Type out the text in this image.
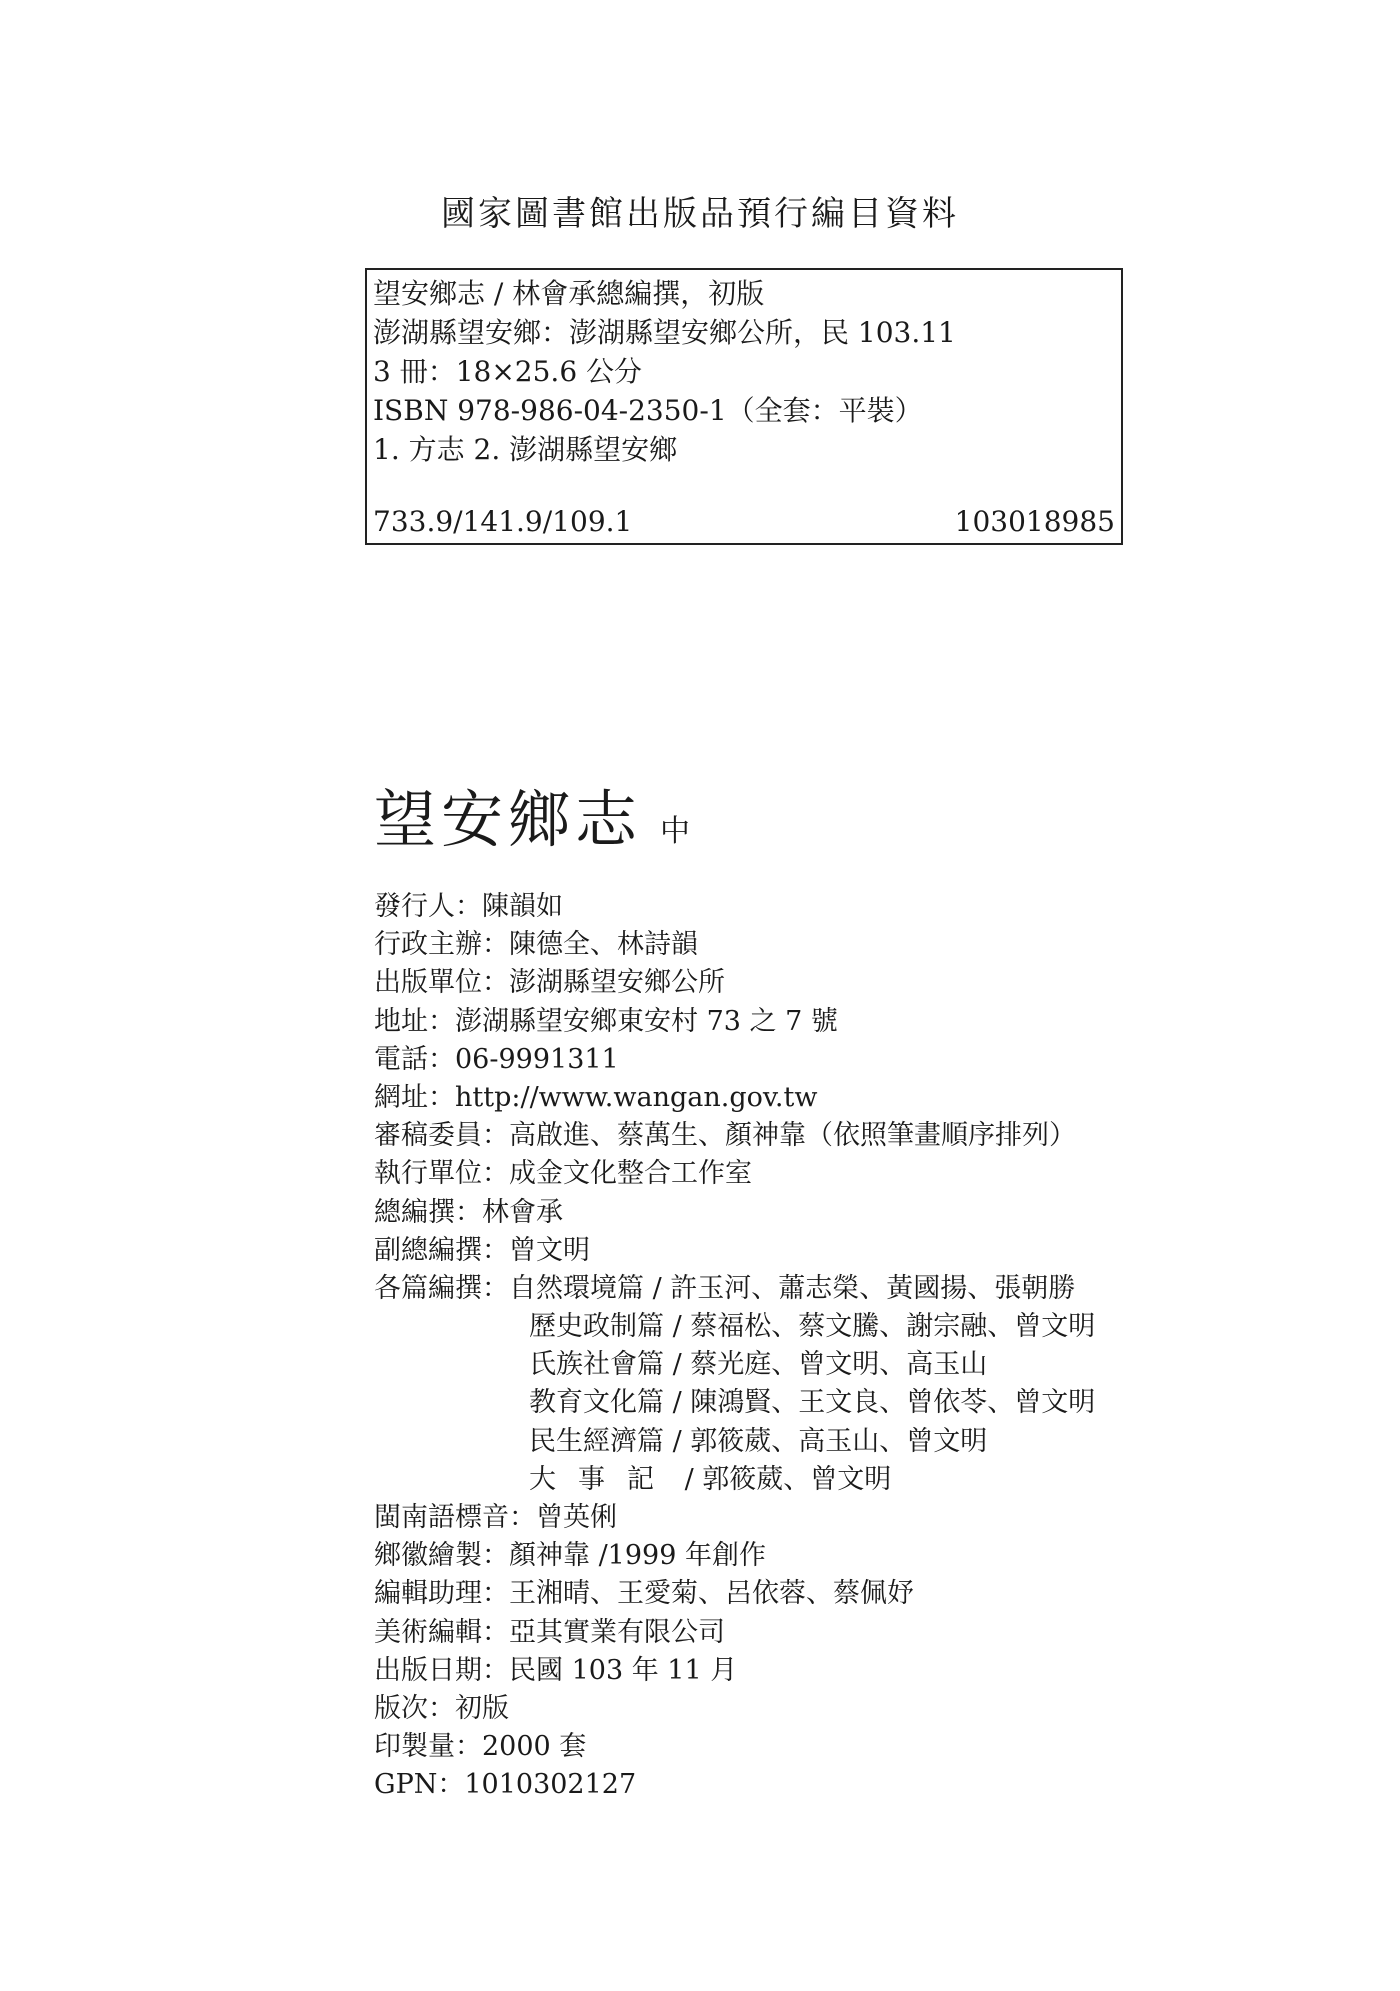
國家圖書館出版品預行編目資料
望安鄉志 / 林會承總編撰，初版
澎湖縣望安鄉：澎湖縣望安鄉公所，民 103.11
3 冊：18×25.6 公分
ISBN 978-986-04-2350-1（全套：平裝）
1. 方志 2. 澎湖縣望安鄉
733.9/141.9/109.1	103018985
望安鄉志 中
發行人：陳韻如
行政主辦：陳德全、林詩韻
出版單位：澎湖縣望安鄉公所
地址：澎湖縣望安鄉東安村 73 之 7 號
電話：06-9991311
網址：http://www.wangan.gov.tw
審稿委員：高啟進、蔡萬生、顏神靠（依照筆畫順序排列）
執行單位：成金文化整合工作室
總編撰：林會承
副總編撰：曾文明
各篇編撰：自然環境篇 / 許玉河、蕭志榮、黃國揚、張朝勝
歷史政制篇 / 蔡福松、蔡文騰、謝宗融、曾文明
氏族社會篇 / 蔡光庭、曾文明、高玉山
教育文化篇 / 陳鴻賢、王文良、曾依苓、曾文明
民生經濟篇 / 郭筱葳、高玉山、曾文明
大事記 / 郭筱葳、曾文明
閩南語標音：曾英俐
鄉徽繪製：顏神靠 /1999 年創作
編輯助理：王湘晴、王愛菊、呂依蓉、蔡佩妤
美術編輯：亞其實業有限公司
出版日期：民國 103 年 11 月
版次：初版
印製量：2000 套
GPN：1010302127
